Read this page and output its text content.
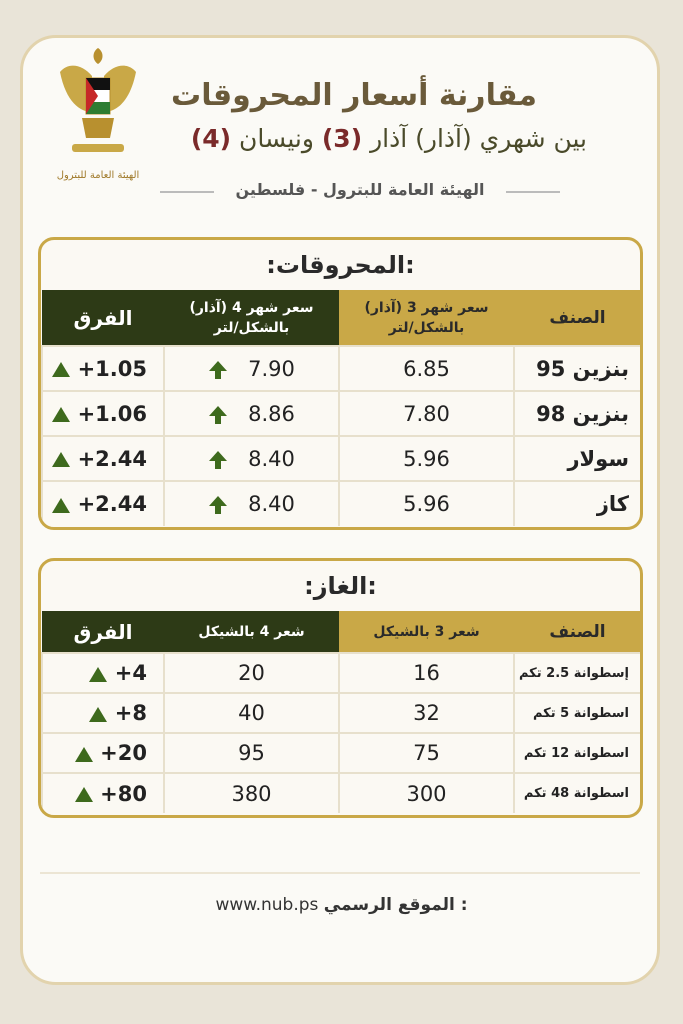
الهيئة العامة للبترول
مقارنة أسعار المحروقات
بين شهري (آذار) آذار (3) ونيسان (4)
الهيئة العامة للبترول - فلسطين
:المحروقات:
الفرق	سعر شهر 4 (آذار) بالشكل/لتر	سعر شهر 3 (آذار) بالشكل/لتر	الصنف
+1.05	7.90	6.85	بنزين 95
+1.06	8.86	7.80	بنزين 98
+2.44	8.40	5.96	سولار
+2.44	8.40	5.96	كاز
:الغاز:
الفرق	شعر 4 بالشيكل	شعر 3 بالشيكل	الصنف
+4	20	16	إسطوانة 2.5 تكم
+8	40	32	اسطوانة 5 تكم
+20	95	75	اسطوانة 12 تكم
+80	380	300	اسطوانة 48 تكم
www.nub.ps الموقع الرسمي :
